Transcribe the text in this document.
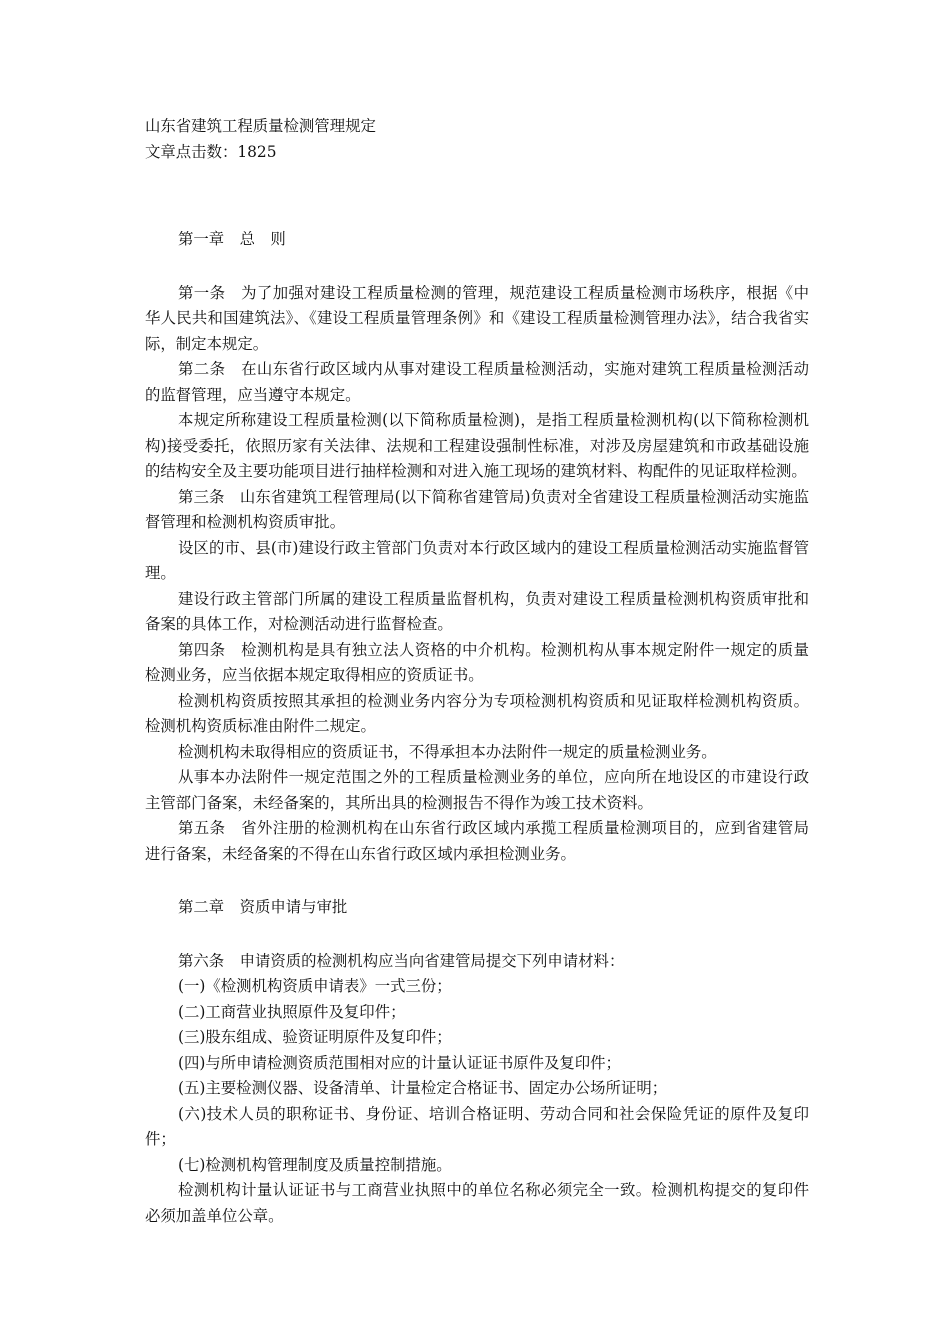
山东省建筑工程质量检测管理规定

文章点击数：1825

第一章　总　则

第一条　为了加强对建设工程质量检测的管理，规范建设工程质量检测市场秩序，根据《中华人民共和国建筑法》、《建设工程质量管理条例》和《建设工程质量检测管理办法》，结合我省实际，制定本规定。

第二条　在山东省行政区域内从事对建设工程质量检测活动，实施对建筑工程质量检测活动的监督管理，应当遵守本规定。

本规定所称建设工程质量检测(以下简称质量检测)，是指工程质量检测机构(以下简称检测机构)接受委托，依照历家有关法律、法规和工程建设强制性标准，对涉及房屋建筑和市政基础设施的结构安全及主要功能项目进行抽样检测和对进入施工现场的建筑材料、构配件的见证取样检测。

第三条　山东省建筑工程管理局(以下简称省建管局)负责对全省建设工程质量检测活动实施监督管理和检测机构资质审批。

设区的市、县(市)建设行政主管部门负责对本行政区域内的建设工程质量检测活动实施监督管理。

建设行政主管部门所属的建设工程质量监督机构，负责对建设工程质量检测机构资质审批和备案的具体工作，对检测活动进行监督检查。

第四条　检测机构是具有独立法人资格的中介机构。检测机构从事本规定附件一规定的质量检测业务，应当依据本规定取得相应的资质证书。

检测机构资质按照其承担的检测业务内容分为专项检测机构资质和见证取样检测机构资质。检测机构资质标准由附件二规定。

检测机构未取得相应的资质证书，不得承担本办法附件一规定的质量检测业务。

从事本办法附件一规定范围之外的工程质量检测业务的单位，应向所在地设区的市建设行政主管部门备案，未经备案的，其所出具的检测报告不得作为竣工技术资料。

第五条　省外注册的检测机构在山东省行政区域内承揽工程质量检测项目的，应到省建管局进行备案，未经备案的不得在山东省行政区域内承担检测业务。

第二章　资质申请与审批

第六条　申请资质的检测机构应当向省建管局提交下列申请材料：

(一)《检测机构资质申请表》一式三份；

(二)工商营业执照原件及复印件；

(三)股东组成、验资证明原件及复印件；

(四)与所申请检测资质范围相对应的计量认证证书原件及复印件；

(五)主要检测仪器、设备清单、计量检定合格证书、固定办公场所证明；

(六)技术人员的职称证书、身份证、培训合格证明、劳动合同和社会保险凭证的原件及复印件；

(七)检测机构管理制度及质量控制措施。

检测机构计量认证证书与工商营业执照中的单位名称必须完全一致。检测机构提交的复印件必须加盖单位公章。
